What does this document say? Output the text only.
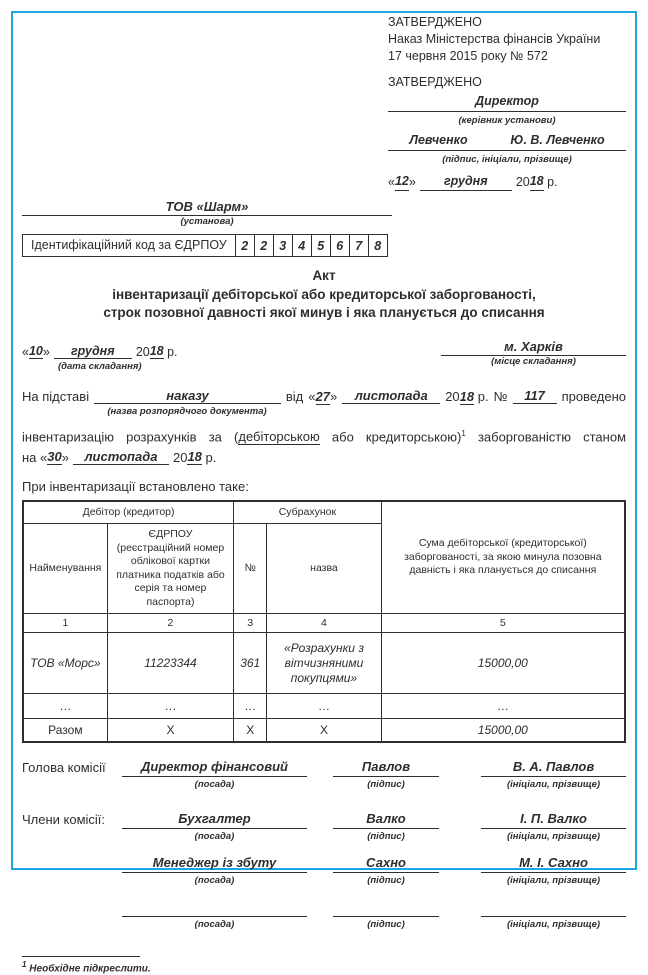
ЗАТВЕРДЖЕНО
Наказ Міністерства фінансів України
17 червня 2015 року № 572
ЗАТВЕРДЖЕНО
Директор
(керівник установи)
Левченко	Ю. В. Левченко
(підпис, ініціали, прізвище)
« 12 »	грудня	20 18
р.
ТОВ «Шарм»
(установа)
Ідентифікаційний код за ЄДРПОУ	2 2 3 4 5 6 7 8
Акт
інвентаризації дебіторської або кредиторської заборгованості,
строк позовної давності якої минув і яка планується до списання
« 10 »	грудня	20 18
р.
(дата складання)
м. Харків
(місце складання)
На підставі	наказу	від «27»	листопада	2018 р. №	117	проведено
(назва розпорядчого документа)
інвентаризацію розрахунків за (дебіторською або кредиторською)$^1$ заборгованістю станом
на
« 30 »	листопада	20 18
р.
При інвентаризації встановлено таке:
Дебітор (кредитор)		Субрахунок		Сума дебіторської (кредиторської) заборгованості, за якою минула позовна давність і яка планується до списання
Найменування	ЄДРПОУ (реєстраційний номер облікової картки платника податків або серія та номер паспорта)	№	назва	
1	2	3	4	5
ТОВ «Морс»	11223344	361	«Розрахунки з вітчизняними покупцями»	15000,00
…	…	…	…	…
Разом	Х	Х	Х	15000,00
Голова комісії	Директор фінансовий
(посада)
Павлов
(підпис)
В. А. Павлов
(ініціали, прізвище)
Члени комісії:	Бухгалтер
(посада)
Валко
(підпис)
І. П. Валко
(ініціали, прізвище)
Менеджер із збуту
(посада)
Сахно
(підпис)
М. І. Сахно
(ініціали, прізвище)
(посада)	(підпис)	(ініціали, прізвище)
$^1$ Необхідне підкреслити.
